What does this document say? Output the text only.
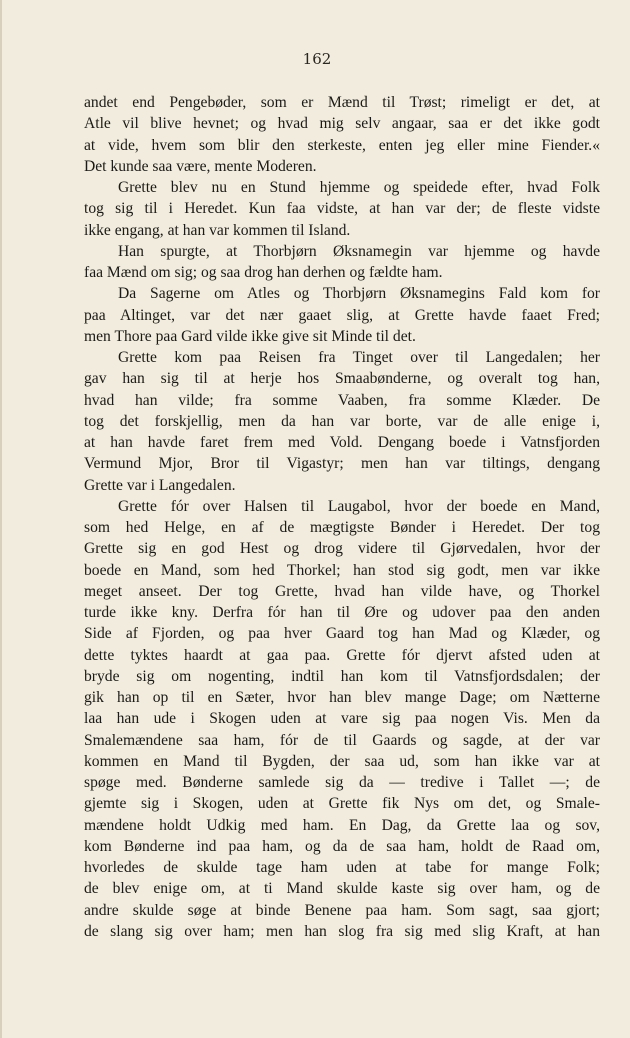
162
andet end Pengebøder, som er Mænd til Trøst; rimeligt er det, at
Atle vil blive hevnet; og hvad mig selv angaar, saa er det ikke godt
at vide, hvem som blir den sterkeste, enten jeg eller mine Fiender.«
Det kunde saa være, mente Moderen.
Grette blev nu en Stund hjemme og speidede efter, hvad Folk
tog sig til i Heredet. Kun faa vidste, at han var der; de fleste vidste
ikke engang, at han var kommen til Island.
Han spurgte, at Thorbjørn Øksnamegin var hjemme og havde
faa Mænd om sig; og saa drog han derhen og fældte ham.
Da Sagerne om Atles og Thorbjørn Øksnamegins Fald kom for
paa Altinget, var det nær gaaet slig, at Grette havde faaet Fred;
men Thore paa Gard vilde ikke give sit Minde til det.
Grette kom paa Reisen fra Tinget over til Langedalen; her
gav han sig til at herje hos Smaabønderne, og overalt tog han,
hvad han vilde; fra somme Vaaben, fra somme Klæder. De
tog det forskjellig, men da han var borte, var de alle enige i,
at han havde faret frem med Vold. Dengang boede i Vatnsfjorden
Vermund Mjor, Bror til Vigastyr; men han var tiltings, dengang
Grette var i Langedalen.
Grette fór over Halsen til Laugabol, hvor der boede en Mand,
som hed Helge, en af de mægtigste Bønder i Heredet. Der tog
Grette sig en god Hest og drog videre til Gjørvedalen, hvor der
boede en Mand, som hed Thorkel; han stod sig godt, men var ikke
meget anseet. Der tog Grette, hvad han vilde have, og Thorkel
turde ikke kny. Derfra fór han til Øre og udover paa den anden
Side af Fjorden, og paa hver Gaard tog han Mad og Klæder, og
dette tyktes haardt at gaa paa. Grette fór djervt afsted uden at
bryde sig om nogenting, indtil han kom til Vatnsfjordsdalen; der
gik han op til en Sæter, hvor han blev mange Dage; om Nætterne
laa han ude i Skogen uden at vare sig paa nogen Vis. Men da
Smalemændene saa ham, fór de til Gaards og sagde, at der var
kommen en Mand til Bygden, der saa ud, som han ikke var at
spøge med. Bønderne samlede sig da — tredive i Tallet —; de
gjemte sig i Skogen, uden at Grette fik Nys om det, og Smale-
mændene holdt Udkig med ham. En Dag, da Grette laa og sov,
kom Bønderne ind paa ham, og da de saa ham, holdt de Raad om,
hvorledes de skulde tage ham uden at tabe for mange Folk;
de blev enige om, at ti Mand skulde kaste sig over ham, og de
andre skulde søge at binde Benene paa ham. Som sagt, saa gjort;
de slang sig over ham; men han slog fra sig med slig Kraft, at han
